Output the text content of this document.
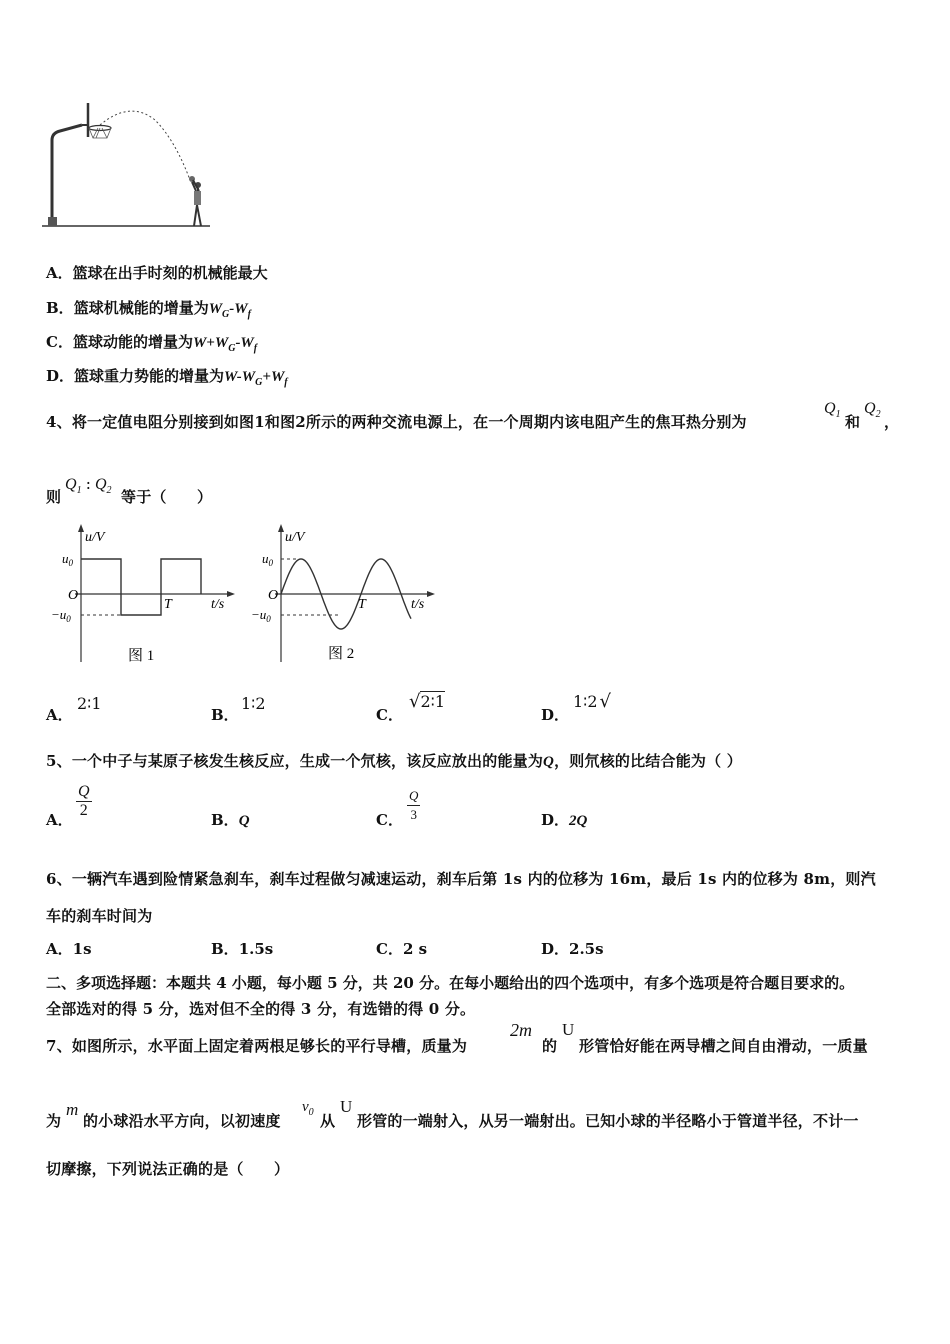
A．篮球在出手时刻的机械能最大
B．篮球机械能的增量为$W_G-W_f$
C．篮球动能的增量为$W+W_G-W_f$
D．篮球重力势能的增量为$W-W_G+W_f$
4、将一定值电阻分别接到如图1和图2所示的两种交流电源上，在一个周期内该电阻产生的焦耳热分别为
$Q_1$ 和
$Q_2$ ，
则
$Q_1$ : $Q_2$ 等于（　　）
u/V
$u_0$
O
$-u_0$
T	t/s
图 1
u/V
$u_0$
O
$-u_0$
T	t/s
图 2
A．
2∶1
B．
1∶2
C．
√2∶1
D．
1∶2 √
5、一个中子与某原子核发生核反应，生成一个氘核，该反应放出的能量为Q，则氘核的比结合能为（ ）
A． $\frac{Q}{2}$	B．Q	C． $\frac{Q}{3}$	D．2Q
6、一辆汽车遇到险情紧急刹车，刹车过程做匀减速运动，刹车后第 1s 内的位移为 16m，最后 1s 内的位移为 8m，则汽
车的刹车时间为
A．1s	B．1.5s	C．2 s	D．2.5s
二、多项选择题：本题共 4 小题，每小题 5 分，共 20 分。在每小题给出的四个选项中，有多个选项是符合题目要求的。
全部选对的得 5 分，选对但不全的得 3 分，有选错的得 0 分。
7、如图所示，水平面上固定着两根足够长的平行导槽，质量为
2m
的
U
形管恰好能在两导槽之间自由滑动，一质量
为
m
的小球沿水平方向，以初速度
$v_0$ 从
U
形管的一端射入，从另一端射出。已知小球的半径略小于管道半径，不计一
切摩擦，下列说法正确的是（　　）
